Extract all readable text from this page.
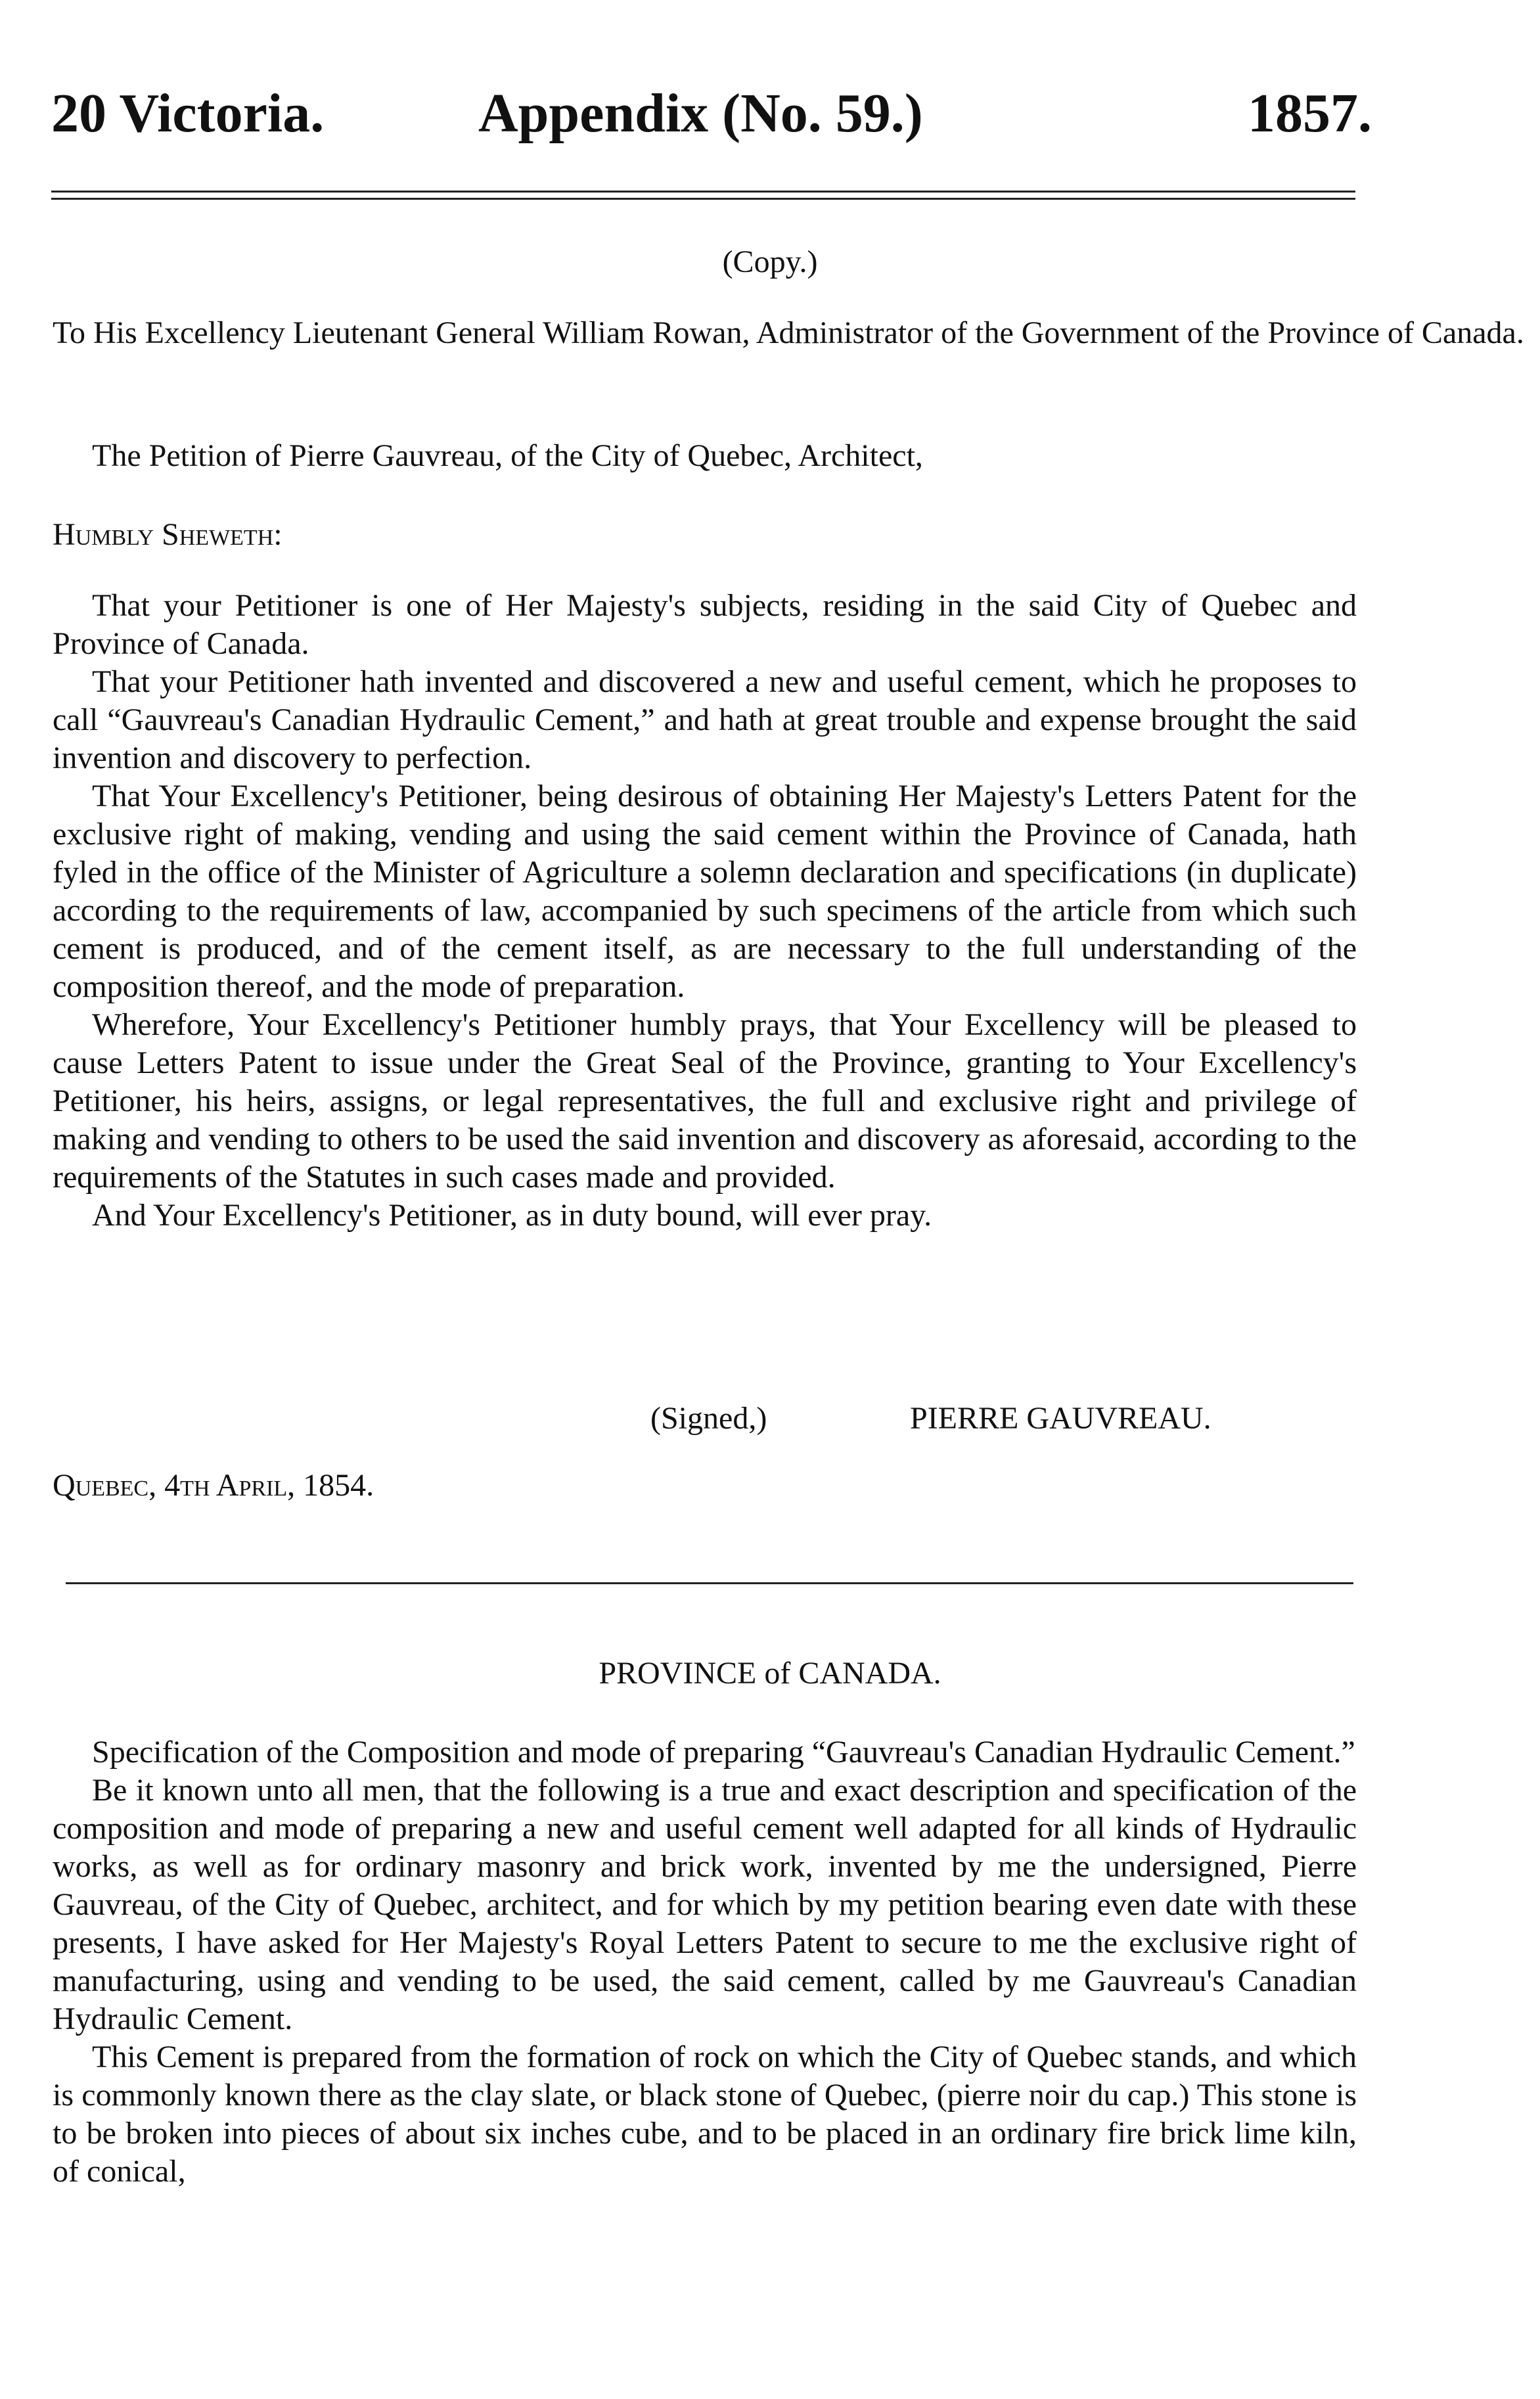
20 Victoria.	Appendix (No. 59.)	1857.
(Copy.)
To His Excellency Lieutenant General William Rowan, Administrator of the Government of the Province of Canada.
The Petition of Pierre Gauvreau, of the City of Quebec, Architect,
Humbly Sheweth:

That your Petitioner is one of Her Majesty's subjects, residing in the said City of Quebec and Province of Canada.

That your Petitioner hath invented and discovered a new and useful cement, which he proposes to call “Gauvreau's Canadian Hydraulic Cement,” and hath at great trouble and expense brought the said invention and discovery to perfection.

That Your Excellency's Petitioner, being desirous of obtaining Her Majesty's Letters Patent for the exclusive right of making, vending and using the said cement within the Province of Canada, hath fyled in the office of the Minister of Agriculture a solemn declaration and specifications (in duplicate) according to the requirements of law, accompanied by such specimens of the article from which such cement is produced, and of the cement itself, as are necessary to the full understanding of the composition thereof, and the mode of preparation.

Wherefore, Your Excellency's Petitioner humbly prays, that Your Excellency will be pleased to cause Letters Patent to issue under the Great Seal of the Province, granting to Your Excellency's Petitioner, his heirs, assigns, or legal representatives, the full and exclusive right and privilege of making and vending to others to be used the said invention and discovery as aforesaid, according to the requirements of the Statutes in such cases made and provided.

And Your Excellency's Petitioner, as in duty bound, will ever pray.

(Signed,)	PIERRE GAUVREAU.
Quebec, 4th April, 1854.
PROVINCE of CANADA.

Specification of the Composition and mode of preparing “Gauvreau's Canadian Hydraulic Cement.”

Be it known unto all men, that the following is a true and exact description and specification of the composition and mode of preparing a new and useful cement well adapted for all kinds of Hydraulic works, as well as for ordinary masonry and brick work, invented by me the undersigned, Pierre Gauvreau, of the City of Quebec, architect, and for which by my petition bearing even date with these presents, I have asked for Her Majesty's Royal Letters Patent to secure to me the exclusive right of manufacturing, using and vending to be used, the said cement, called by me Gauvreau's Canadian Hydraulic Cement.

This Cement is prepared from the formation of rock on which the City of Quebec stands, and which is commonly known there as the clay slate, or black stone of Quebec, (pierre noir du cap.) This stone is to be broken into pieces of about six inches cube, and to be placed in an ordinary fire brick lime kiln, of conical,
